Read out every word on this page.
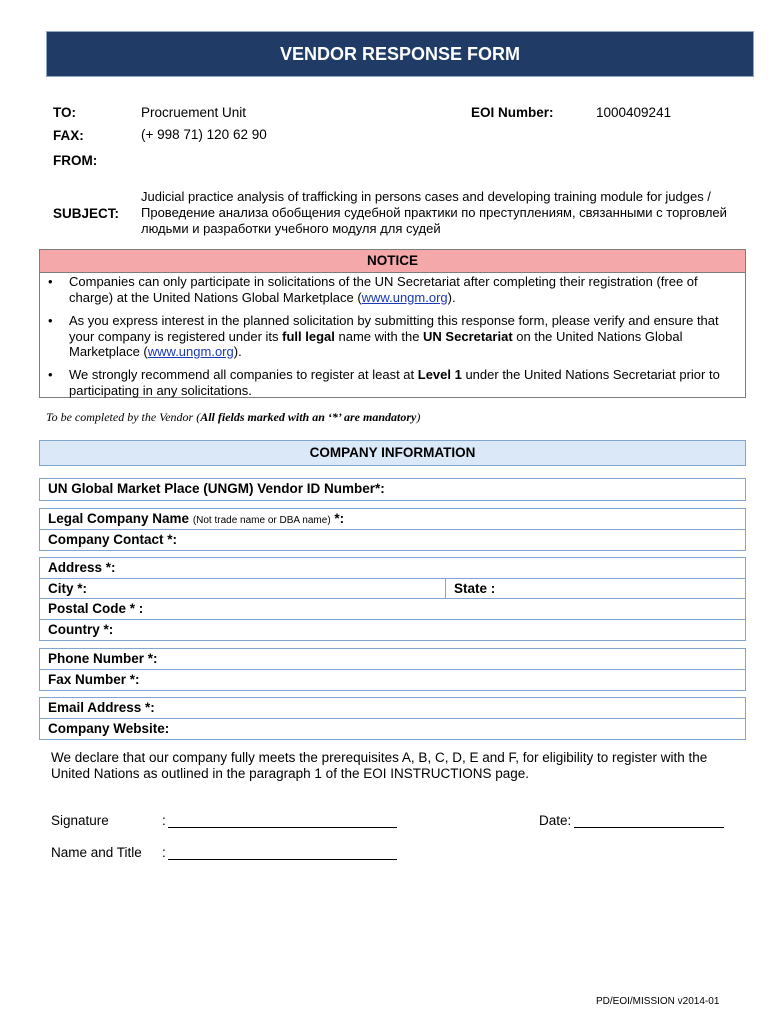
VENDOR RESPONSE FORM
TO:	Procruement Unit	EOI Number:	1000409241
FAX:	(+ 998 71) 120 62 90
FROM:
SUBJECT:
Judicial practice analysis of trafficking in persons cases and developing training module for judges / Проведение анализа обобщения судебной практики по преступлениям, связанными с торговлей людьми и разработки учебного модуля для судей
NOTICE
• Companies can only participate in solicitations of the UN Secretariat after completing their registration (free of charge) at the United Nations Global Marketplace (www.ungm.org).
• As you express interest in the planned solicitation by submitting this response form, please verify and ensure that your company is registered under its full legal name with the UN Secretariat on the United Nations Global Marketplace (www.ungm.org).
• We strongly recommend all companies to register at least at Level 1 under the United Nations Secretariat prior to participating in any solicitations.
To be completed by the Vendor (All fields marked with an ‘*’ are mandatory)
COMPANY INFORMATION
UN Global Market Place (UNGM) Vendor ID Number*:
Legal Company Name (Not trade name or DBA name) *:
Company Contact *:
Address *:
City *:	State :
Postal Code * :
Country *:
Phone Number *:
Fax Number *:
Email Address *:
Company Website:
We declare that our company fully meets the prerequisites A, B, C, D, E and F, for eligibility to register with the United Nations as outlined in the paragraph 1 of the EOI INSTRUCTIONS page.
Signature	:	Date:
Name and Title :
PD/EOI/MISSION v2014-01
